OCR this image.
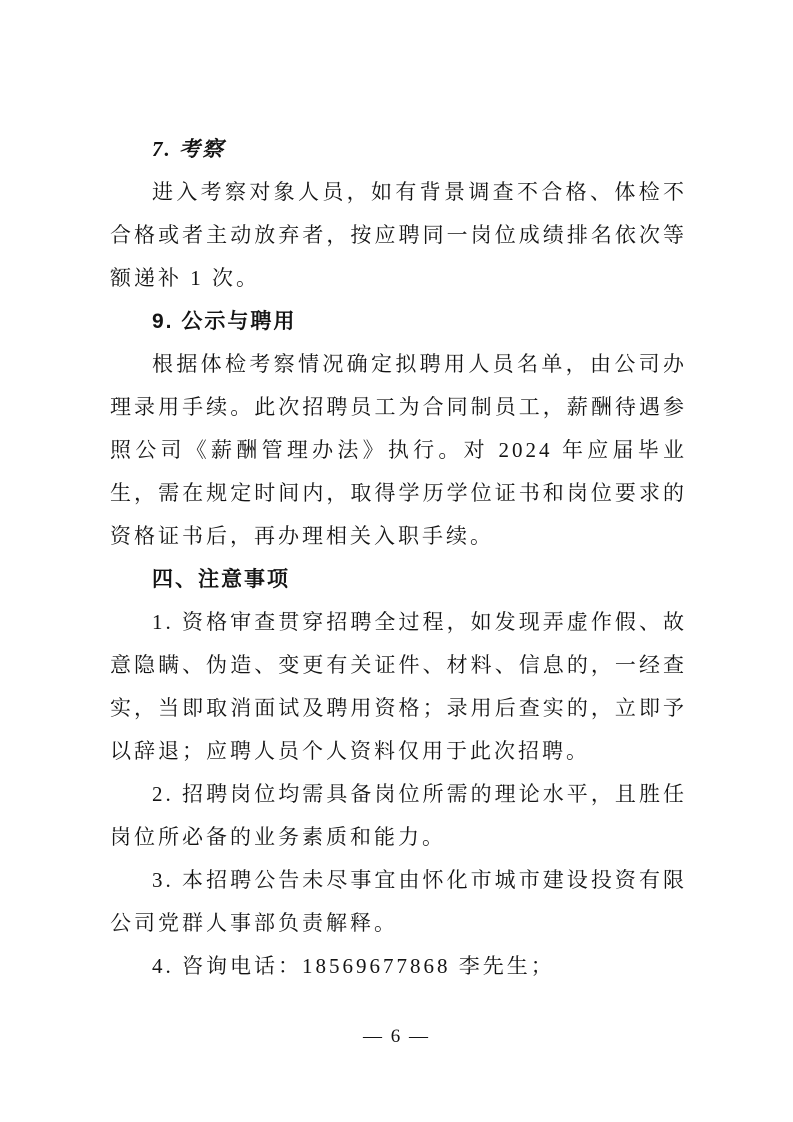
7. 考察
进入考察对象人员，如有背景调查不合格、体检不合格或者主动放弃者，按应聘同一岗位成绩排名依次等额递补 1 次。
9. 公示与聘用
根据体检考察情况确定拟聘用人员名单，由公司办理录用手续。此次招聘员工为合同制员工，薪酬待遇参照公司《薪酬管理办法》执行。对 2024 年应届毕业生，需在规定时间内，取得学历学位证书和岗位要求的资格证书后，再办理相关入职手续。
四、注意事项
1. 资格审查贯穿招聘全过程，如发现弄虚作假、故意隐瞒、伪造、变更有关证件、材料、信息的，一经查实，当即取消面试及聘用资格；录用后查实的，立即予以辞退；应聘人员个人资料仅用于此次招聘。
2. 招聘岗位均需具备岗位所需的理论水平，且胜任岗位所必备的业务素质和能力。
3. 本招聘公告未尽事宜由怀化市城市建设投资有限公司党群人事部负责解释。
4. 咨询电话：18569677868 李先生；
— 6 —
